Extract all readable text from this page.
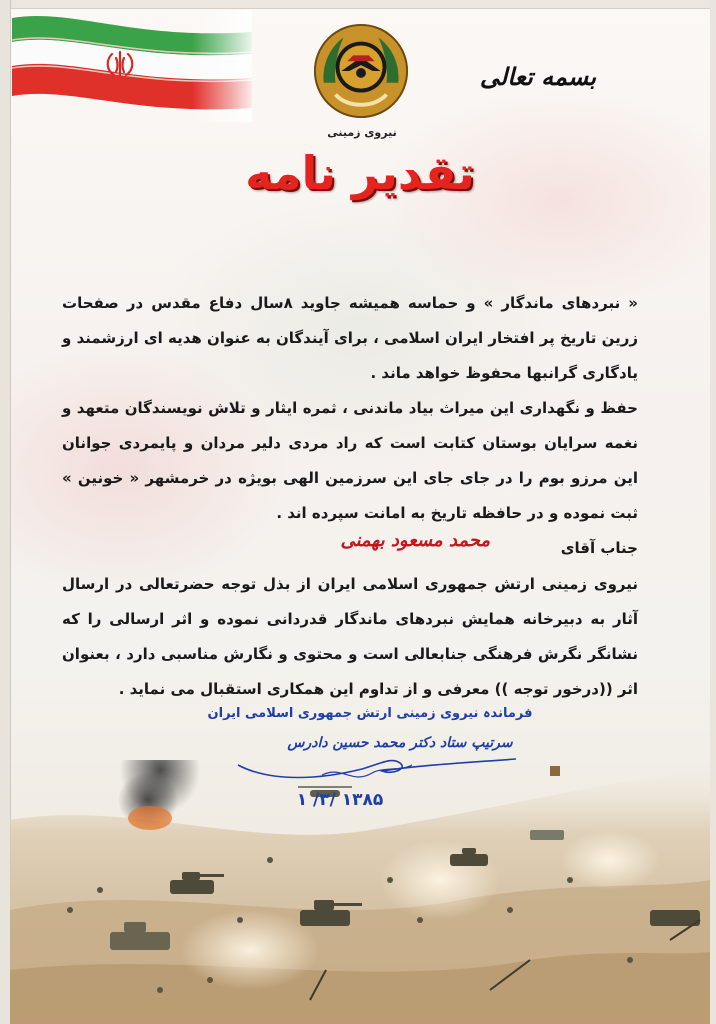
نیروی زمینی
بسمه تعالی
تقدیر نامه

« نبردهای ماندگار » و حماسه همیشه جاوید ۸سال دفاع مقدس در صفحات زرین تاریخ پر افتخار ایران اسلامی ، برای آیندگان به عنوان هدیه ای ارزشمند و یادگاری گرانبها محفوظ خواهد ماند .

حفظ و نگهداری این میراث بیاد ماندنی ، ثمره ایثار و تلاش نویسندگان متعهد و نغمه سرایان بوستان کتابت است که راد مردی دلیر مردان و پایمردی جوانان این مرزو بوم را در جای جای این سرزمین الهی بویژه در خرمشهر « خونین » ثبت نموده و در حافظه تاریخ به امانت سپرده اند .

جناب آقای
محمد مسعود بهمنی

نیروی زمینی ارتش جمهوری اسلامی ایران از بذل توجه حضرتعالی در ارسال آثار به دبیرخانه همایش نبردهای ماندگار قدردانی نموده و اثر ارسالی را که نشانگر نگرش فرهنگی جنابعالی است و محتوی و نگارش مناسبی دارد ، بعنوان اثر ((درخور توجه )) معرفی و از تداوم این همکاری استقبال می نماید .

فرماندہ نیروی زمینی ارتش جمهوری اسلامی ایران
سرتیپ ستاد دکتر محمد حسین دادرس
۱۳۸۵ /۳/ ۱
